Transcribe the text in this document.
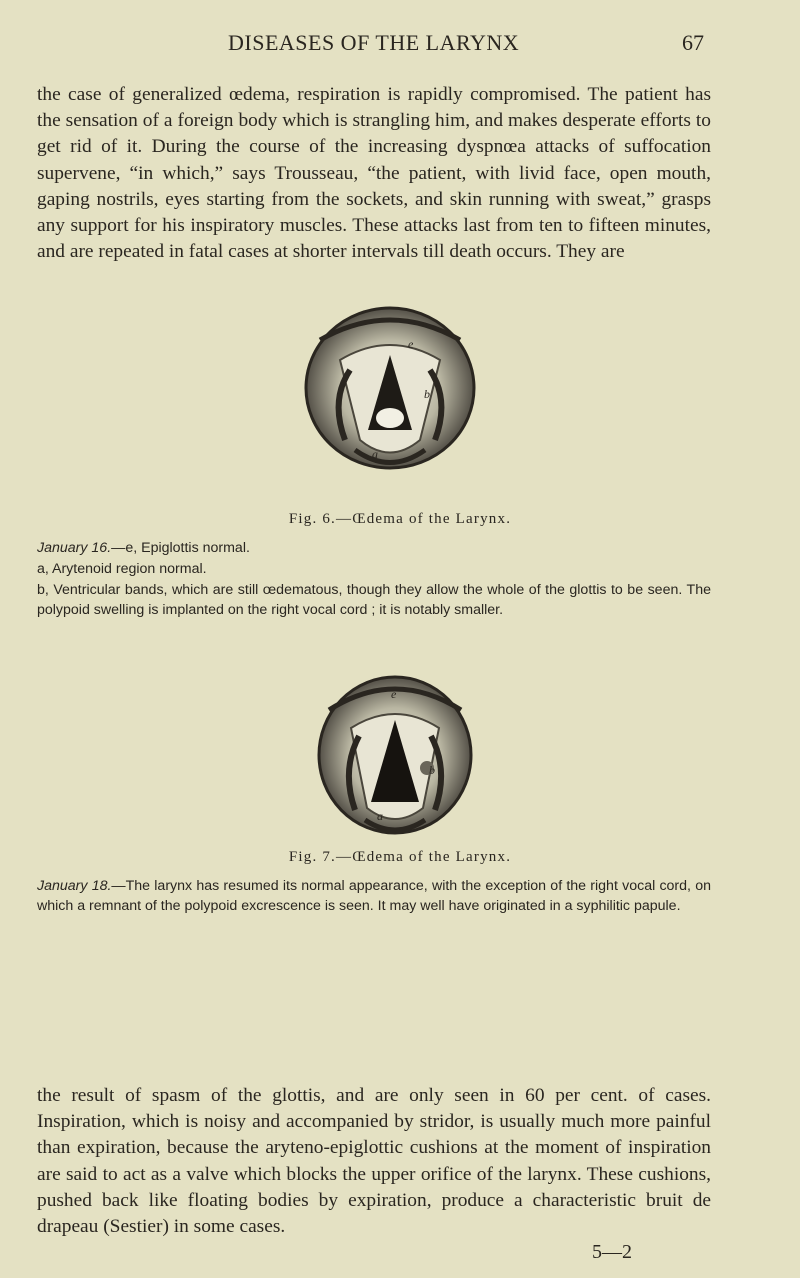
DISEASES OF THE LARYNX	67

the case of generalized œdema, respiration is rapidly compromised. The patient has the sensation of a foreign body which is strangling him, and makes desperate efforts to get rid of it. During the course of the increasing dyspnœa attacks of suffocation supervene, “in which,” says Trousseau, “the patient, with livid face, open mouth, gaping nostrils, eyes starting from the sockets, and skin running with sweat,” grasps any support for his inspiratory muscles. These attacks last from ten to fifteen minutes, and are repeated in fatal cases at shorter intervals till death occurs. They are

e
a
b
Fig. 6.—Œdema of the Larynx.

January 16.—e, Epiglottis normal.

a, Arytenoid region normal.

b, Ventricular bands, which are still œdematous, though they allow the whole of the glottis to be seen. The polypoid swelling is implanted on the right vocal cord ; it is notably smaller.

e
a
b
Fig. 7.—Œdema of the Larynx.

January 18.—The larynx has resumed its normal appearance, with the exception of the right vocal cord, on which a remnant of the polypoid excrescence is seen. It may well have originated in a syphilitic papule.

the result of spasm of the glottis, and are only seen in 60 per cent. of cases. Inspiration, which is noisy and accompanied by stridor, is usually much more painful than expiration, because the aryteno-epiglottic cushions at the moment of inspiration are said to act as a valve which blocks the upper orifice of the larynx. These cushions, pushed back like floating bodies by expiration, produce a characteristic bruit de drapeau (Sestier) in some cases.

5—2
